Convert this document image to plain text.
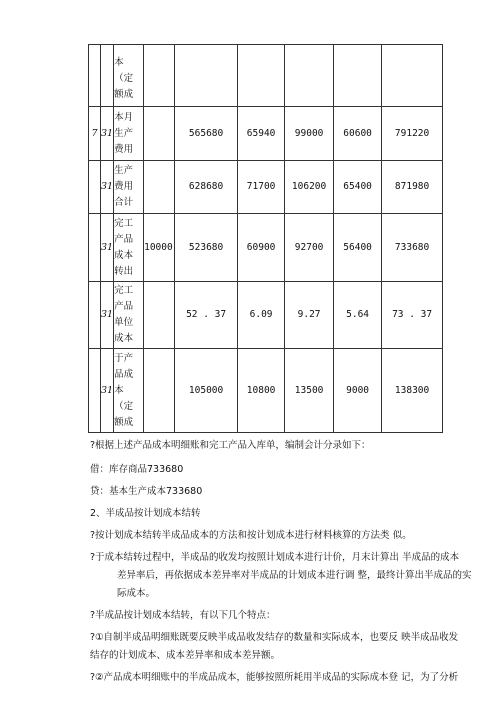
		本
（定
额成						

7	31	本月
生产
费用		565680	65940	99000	60600	791220
	31	生产
费用
合计		628680	71700	106200	65400	871980
	31	完工
产品
成本
转出	10000	523680	60900	92700	56400	733680
	31	完工
产品
单位
成本		52 . 37	6.09	9.27	5.64	73 . 37
	31	于产
品成
本
（定
额成		105000	10800	13500	9000	138300
?根据上述产品成本明细账和完工产品入库单，编制会计分录如下：
借：库存商品733680
贷：基本生产成本733680
2、半成品按计划成本结转
?按计划成本结转半成品成本的方法和按计划成本进行材料核算的方法类 似。
?于成本结转过程中，半成品的收发均按照计划成本进行计价，月末计算出 半成品的成本
差异率后，再依据成本差异率对半成品的计划成本进行调 整，最终计算出半成品的实
际成本。
?半成品按计划成本结转，有以下几个特点：
?①自制半成品明细账既要反映半成品收发结存的数量和实际成本，也要反 映半成品收发
结存的计划成本、成本差异率和成本差异额。
?②产品成本明细账中的半成品成本，能够按照所耗用半成品的实际成本登 记，为了分析
